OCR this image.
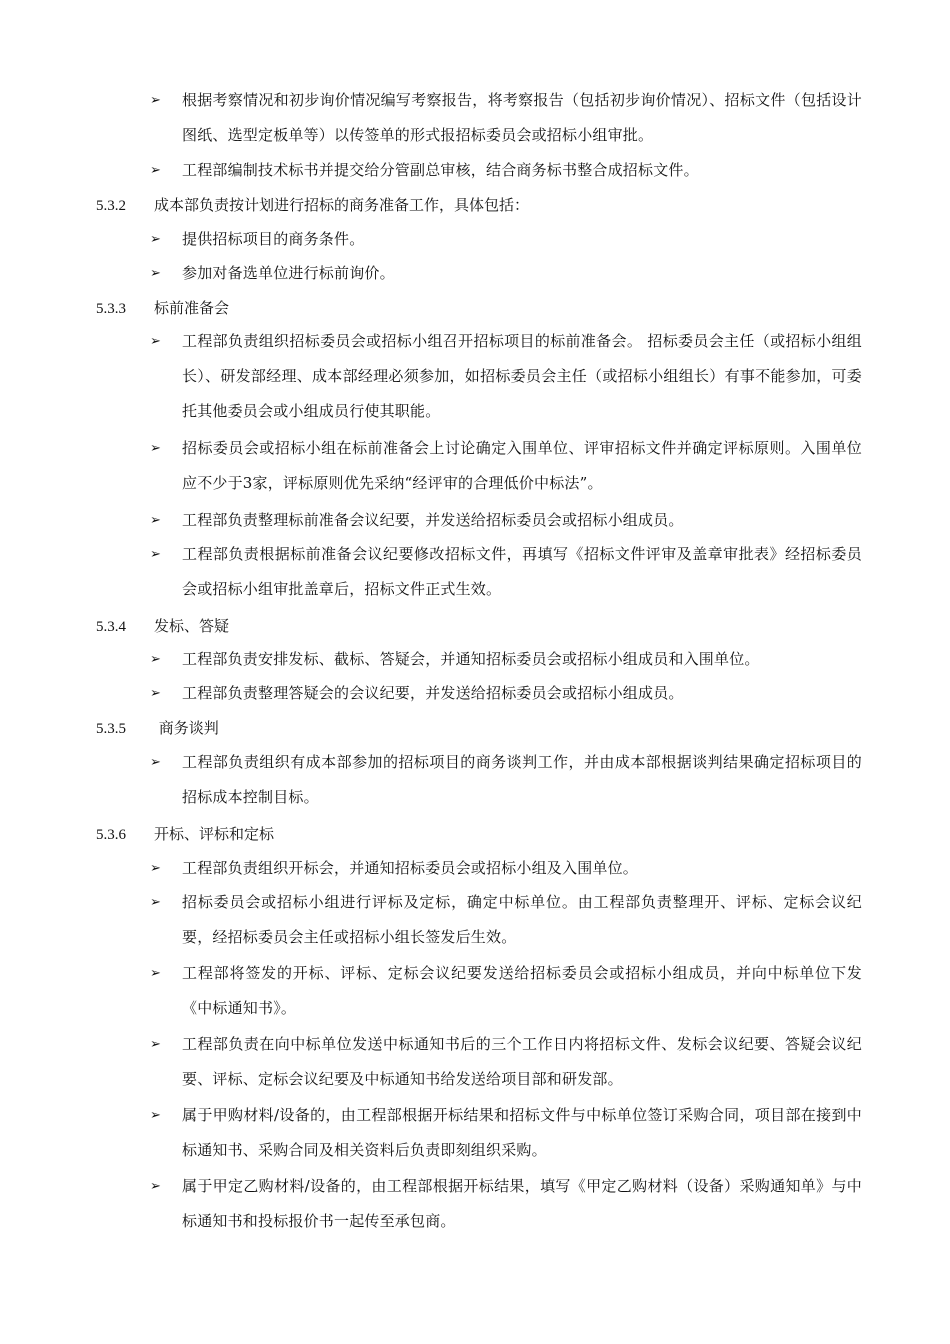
➢	根据考察情况和初步询价情况编写考察报告，将考察报告（包括初步询价情况）、招标文件（包括设计图纸、选型定板单等）以传签单的形式报招标委员会或招标小组审批。
➢	工程部编制技术标书并提交给分管副总审核，结合商务标书整合成招标文件。
5.3.2 成本部负责按计划进行招标的商务准备工作，具体包括：
➢	提供招标项目的商务条件。
➢	参加对备选单位进行标前询价。
5.3.3 标前准备会
➢	工程部负责组织招标委员会或招标小组召开招标项目的标前准备会。 招标委员会主任（或招标小组组长）、研发部经理、成本部经理必须参加，如招标委员会主任（或招标小组组长）有事不能参加，可委托其他委员会或小组成员行使其职能。
➢	招标委员会或招标小组在标前准备会上讨论确定入围单位、评审招标文件并确定评标原则。入围单位应不少于3家，评标原则优先采纳“经评审的合理低价中标法”。
➢	工程部负责整理标前准备会议纪要，并发送给招标委员会或招标小组成员。
➢	工程部负责根据标前准备会议纪要修改招标文件，再填写《招标文件评审及盖章审批表》经招标委员会或招标小组审批盖章后，招标文件正式生效。
5.3.4 发标、答疑
➢	工程部负责安排发标、截标、答疑会，并通知招标委员会或招标小组成员和入围单位。
➢	工程部负责整理答疑会的会议纪要，并发送给招标委员会或招标小组成员。
5.3.5 商务谈判
➢	工程部负责组织有成本部参加的招标项目的商务谈判工作，并由成本部根据谈判结果确定招标项目的招标成本控制目标。
5.3.6 开标、评标和定标
➢	工程部负责组织开标会，并通知招标委员会或招标小组及入围单位。
➢	招标委员会或招标小组进行评标及定标，确定中标单位。由工程部负责整理开、评标、定标会议纪要，经招标委员会主任或招标小组长签发后生效。
➢	工程部将签发的开标、评标、定标会议纪要发送给招标委员会或招标小组成员，并向中标单位下发《中标通知书》。
➢	工程部负责在向中标单位发送中标通知书后的三个工作日内将招标文件、发标会议纪要、答疑会议纪要、评标、定标会议纪要及中标通知书给发送给项目部和研发部。
➢	属于甲购材料/设备的，由工程部根据开标结果和招标文件与中标单位签订采购合同，项目部在接到中标通知书、采购合同及相关资料后负责即刻组织采购。
➢	属于甲定乙购材料/设备的，由工程部根据开标结果，填写《甲定乙购材料（设备）采购通知单》与中标通知书和投标报价书一起传至承包商。
